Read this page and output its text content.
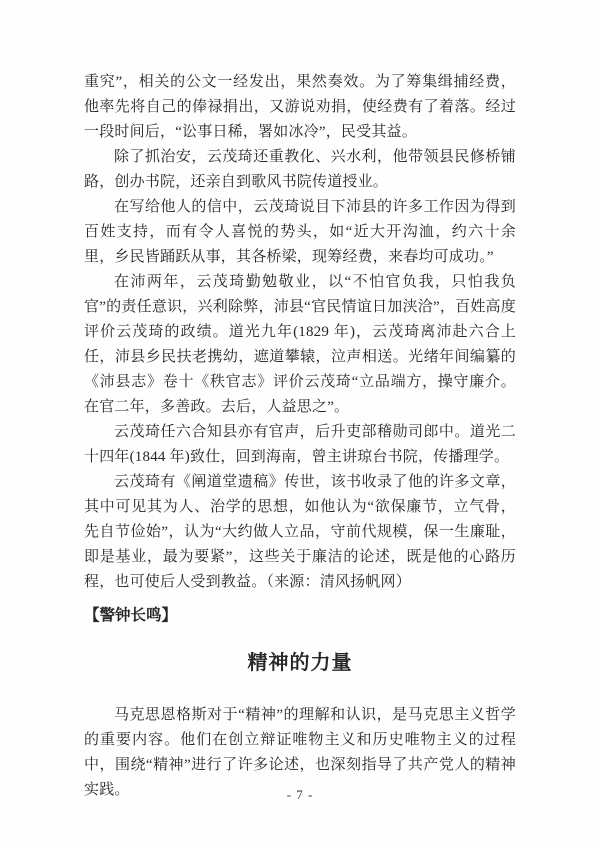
重究”，相关的公文一经发出，果然奏效。为了筹集缉捕经费，他率先将自己的俸禄捐出，又游说劝捐，使经费有了着落。经过一段时间后，“讼事日稀，署如冰冷”，民受其益。

除了抓治安，云茂琦还重教化、兴水利，他带领县民修桥铺路，创办书院，还亲自到歌风书院传道授业。

在写给他人的信中，云茂琦说目下沛县的许多工作因为得到百姓支持，而有令人喜悦的势头，如“近大开沟洫，约六十余里，乡民皆踊跃从事，其各桥梁，现筹经费，来春均可成功。”

在沛两年，云茂琦勤勉敬业，以“不怕官负我，只怕我负官”的责任意识，兴利除弊，沛县“官民情谊日加浃洽”，百姓高度评价云茂琦的政绩。道光九年(1829 年)，云茂琦离沛赴六合上任，沛县乡民扶老携幼，遮道攀辕，泣声相送。光绪年间编纂的《沛县志》卷十《秩官志》评价云茂琦“立品端方，操守廉介。在官二年，多善政。去后，人益思之”。

云茂琦任六合知县亦有官声，后升吏部稽勋司郎中。道光二十四年(1844 年)致仕，回到海南，曾主讲琼台书院，传播理学。

云茂琦有《阐道堂遗稿》传世，该书收录了他的许多文章，其中可见其为人、治学的思想，如他认为“欲保廉节，立气骨，先自节俭始”，认为“大约做人立品，守前代规模，保一生廉耻，即是基业，最为要紧”，这些关于廉洁的论述，既是他的心路历程，也可使后人受到教益。（来源：清风扬帆网）

【警钟长鸣】

精神的力量

马克思恩格斯对于“精神”的理解和认识，是马克思主义哲学的重要内容。他们在创立辩证唯物主义和历史唯物主义的过程中，围绕“精神”进行了许多论述，也深刻指导了共产党人的精神实践。	- 7 -
